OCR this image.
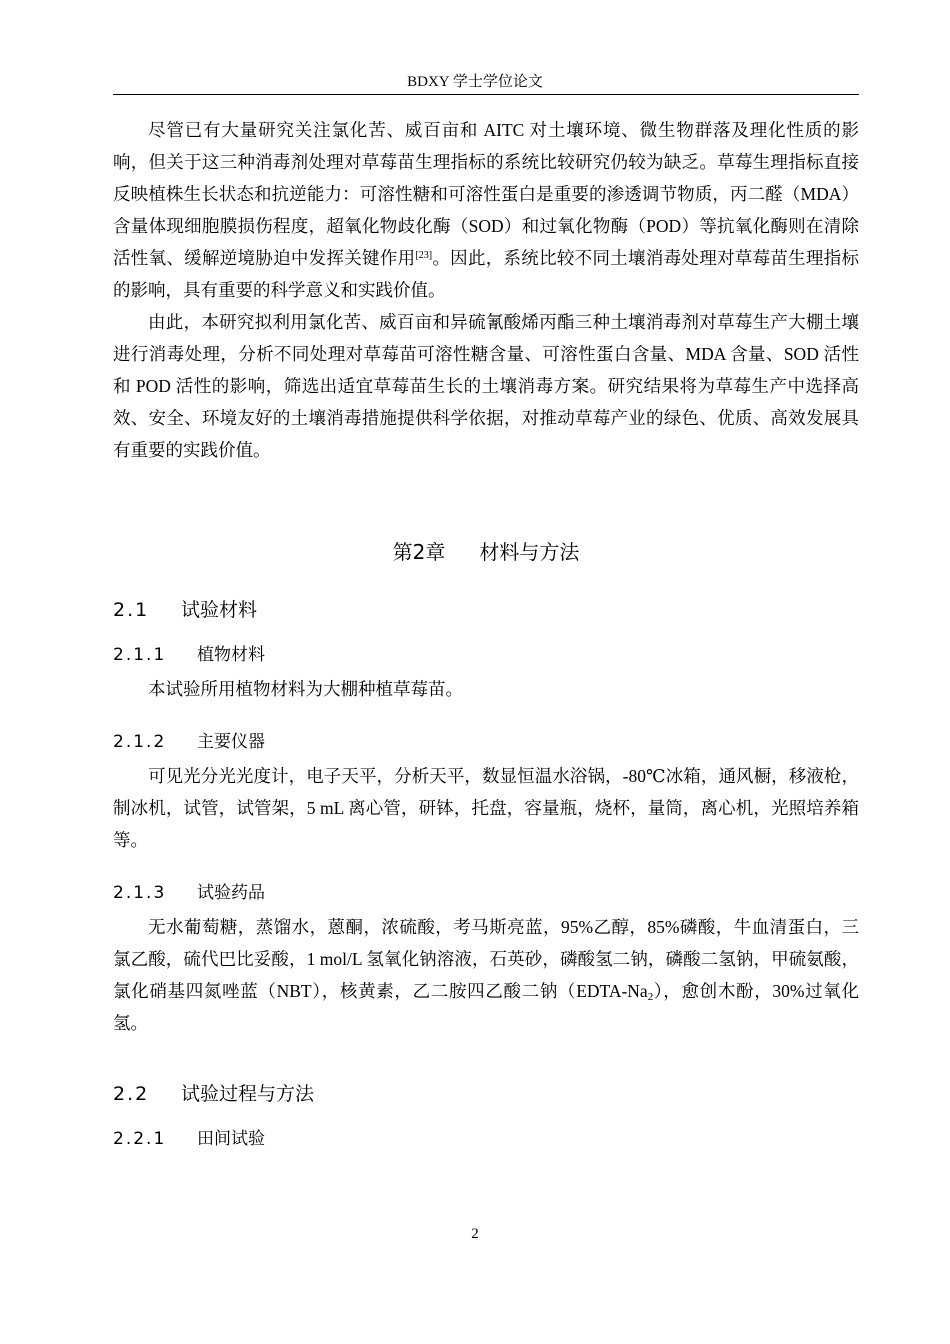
BDXY 学士学位论文

尽管已有大量研究关注氯化苦、威百亩和 AITC 对土壤环境、微生物群落及理化性质的影响，但关于这三种消毒剂处理对草莓苗生理指标的系统比较研究仍较为缺乏。草莓生理指标直接反映植株生长状态和抗逆能力：可溶性糖和可溶性蛋白是重要的渗透调节物质，丙二醛（MDA）含量体现细胞膜损伤程度，超氧化物歧化酶（SOD）和过氧化物酶（POD）等抗氧化酶则在清除活性氧、缓解逆境胁迫中发挥关键作用[23]。因此，系统比较不同土壤消毒处理对草莓苗生理指标的影响，具有重要的科学意义和实践价值。

由此，本研究拟利用氯化苦、威百亩和异硫氰酸烯丙酯三种土壤消毒剂对草莓生产大棚土壤进行消毒处理，分析不同处理对草莓苗可溶性糖含量、可溶性蛋白含量、MDA 含量、SOD 活性和 POD 活性的影响，筛选出适宜草莓苗生长的土壤消毒方案。研究结果将为草莓生产中选择高效、安全、环境友好的土壤消毒措施提供科学依据，对推动草莓产业的绿色、优质、高效发展具有重要的实践价值。

第2章 材料与方法
2.1 试验材料
2.1.1 植物材料

本试验所用植物材料为大棚种植草莓苗。

2.1.2 主要仪器

可见光分光光度计，电子天平，分析天平，数显恒温水浴锅，-80℃冰箱，通风橱，移液枪，制冰机，试管，试管架，5 mL 离心管，研钵，托盘，容量瓶，烧杯，量筒，离心机，光照培养箱等。

2.1.3 试验药品

无水葡萄糖，蒸馏水，蒽酮，浓硫酸，考马斯亮蓝，95%乙醇，85%磷酸，牛血清蛋白，三氯乙酸，硫代巴比妥酸，1 mol/L 氢氧化钠溶液，石英砂，磷酸氢二钠，磷酸二氢钠，甲硫氨酸，氯化硝基四氮唑蓝（NBT），核黄素，乙二胺四乙酸二钠$(EDTA-Na_2)$，愈创木酚，30%过氧化氢。

2.2 试验过程与方法
2.2.1 田间试验
2
